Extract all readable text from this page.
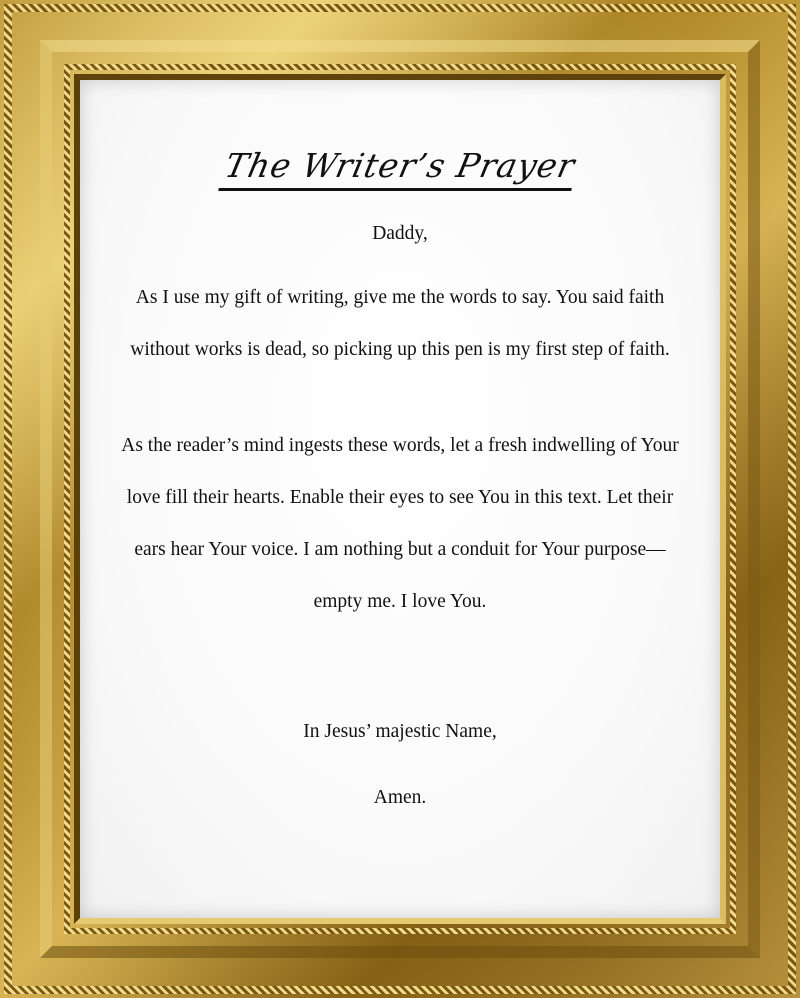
The Writer’s Prayer
Daddy,
As I use my gift of writing, give me the words to say. You said faith without works is dead, so picking up this pen is my first step of faith.
As the reader’s mind ingests these words, let a fresh indwelling of Your love fill their hearts. Enable their eyes to see You in this text. Let their ears hear Your voice. I am nothing but a conduit for Your purpose—empty me. I love You.
In Jesus’ majestic Name,
Amen.
